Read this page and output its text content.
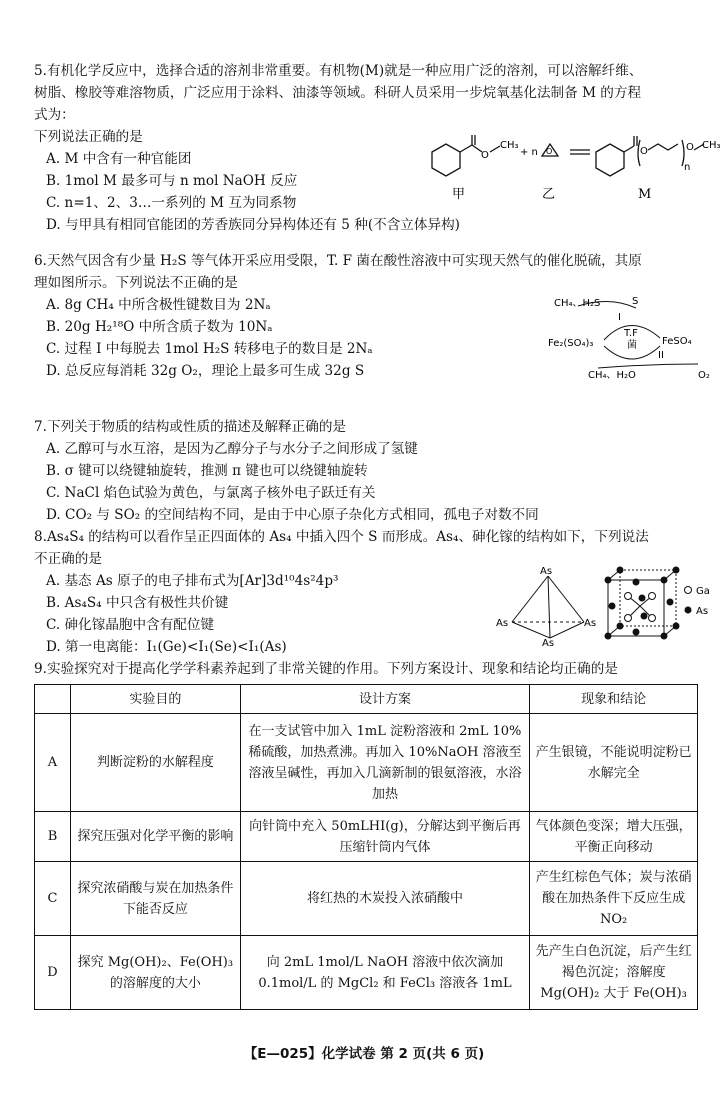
5.有机化学反应中，选择合适的溶剂非常重要。有机物(M)就是一种应用广泛的溶剂，可以溶解纤维、

树脂、橡胶等难溶物质，广泛应用于涂料、油漆等领域。科研人员采用一步烷氧基化法制备 M 的方程

式为：

下列说法正确的是

A. M 中含有一种官能团

B. 1mol M 最多可与 n mol NaOH 反应

C. n=1、2、3…一系列的 M 互为同系物

D. 与甲具有相同官能团的芳香族同分异构体还有 5 种(不含立体异构)

O
CH₃
+ n O	O
n
O CH₃
甲	乙	M

6.天然气因含有少量 H₂S 等气体开采应用受限，T. F 菌在酸性溶液中可实现天然气的催化脱硫，其原

理如图所示。下列说法不正确的是

A. 8g CH₄ 中所含极性键数目为 2Nₐ

B. 20g H₂¹⁸O 中所含质子数为 10Nₐ

C. 过程 I 中每脱去 1mol H₂S 转移电子的数目是 2Nₐ

D. 总反应每消耗 32g O₂，理论上最多可生成 32g S

CH₄、H₂S	S
I
Fe₂(SO₄)₃
T.F
菌	FeSO₄
II
CH₄、H₂O	O₂

7.下列关于物质的结构或性质的描述及解释正确的是

A. 乙醇可与水互溶，是因为乙醇分子与水分子之间形成了氢键

B. σ 键可以绕键轴旋转，推测 π 键也可以绕键轴旋转

C. NaCl 焰色试验为黄色，与氯离子核外电子跃迁有关

D. CO₂ 与 SO₂ 的空间结构不同，是由于中心原子杂化方式相同，孤电子对数不同

8.As₄S₄ 的结构可以看作呈正四面体的 As₄ 中插入四个 S 而形成。As₄、砷化镓的结构如下，下列说法

不正确的是

A. 基态 As 原子的电子排布式为[Ar]3d¹⁰4s²4p³

B. As₄S₄ 中只含有极性共价键

C. 砷化镓晶胞中含有配位键

D. 第一电离能：I₁(Ge)<I₁(Se)<I₁(As)

As
As	As
As
Ga
As

9.实验探究对于提高化学学科素养起到了非常关键的作用。下列方案设计、现象和结论均正确的是

	实验目的	设计方案	现象和结论
A	判断淀粉的水解程度	在一支试管中加入 1mL 淀粉溶液和 2mL 10%稀硫酸，加热煮沸。再加入 10%NaOH 溶液至溶液呈碱性，再加入几滴新制的银氨溶液，水浴加热	产生银镜，不能说明淀粉已水解完全
B	探究压强对化学平衡的影响	向针筒中充入 50mLHI(g)，分解达到平衡后再压缩针筒内气体	气体颜色变深；增大压强，平衡正向移动
C	探究浓硝酸与炭在加热条件下能否反应	将红热的木炭投入浓硝酸中	产生红棕色气体；炭与浓硝酸在加热条件下反应生成 NO₂
D	探究 Mg(OH)₂、Fe(OH)₃ 的溶解度的大小	向 2mL 1mol/L NaOH 溶液中依次滴加 0.1mol/L 的 MgCl₂ 和 FeCl₃ 溶液各 1mL	先产生白色沉淀，后产生红褐色沉淀；溶解度 Mg(OH)₂ 大于 Fe(OH)₃
【E—025】化学试卷 第 2 页(共 6 页)
